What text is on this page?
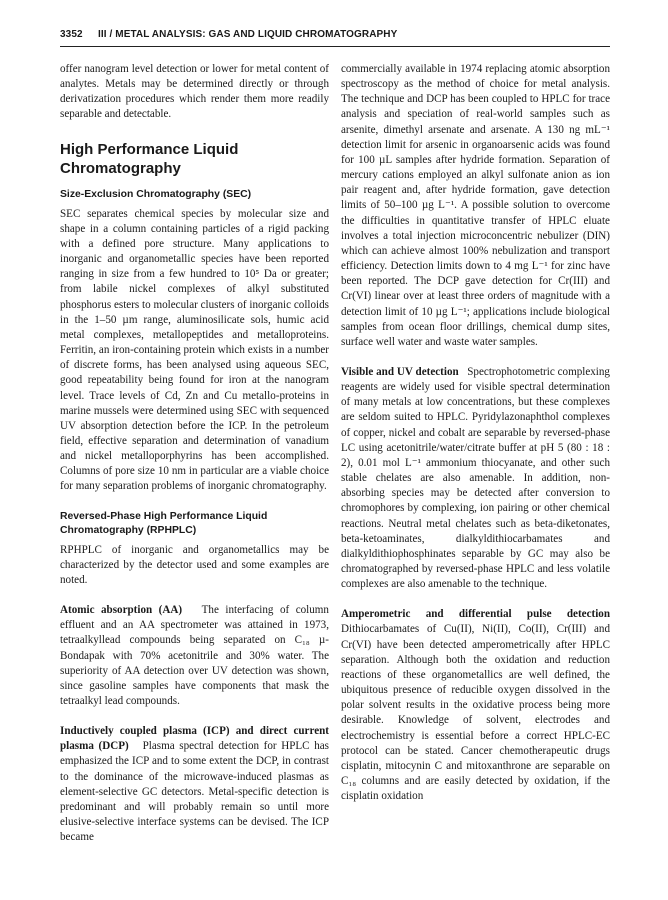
3352 III / METAL ANALYSIS: GAS AND LIQUID CHROMATOGRAPHY

offer nanogram level detection or lower for metal content of analytes. Metals may be determined directly or through derivatization procedures which render them more readily separable and detectable.

High Performance Liquid Chromatography
Size-Exclusion Chromatography (SEC)

SEC separates chemical species by molecular size and shape in a column containing particles of a rigid packing with a defined pore structure. Many applications to inorganic and organometallic species have been reported ranging in size from a few hundred to 10⁵ Da or greater; from labile nickel complexes of alkyl substituted phosphorus esters to molecular clusters of inorganic colloids in the 1–50 µm range, aluminosilicate sols, humic acid metal complexes, metallopeptides and metalloproteins. Ferritin, an iron-containing protein which exists in a number of discrete forms, has been analysed using aqueous SEC, good repeatability being found for iron at the nanogram level. Trace levels of Cd, Zn and Cu metallo-proteins in marine mussels were determined using SEC with sequenced UV absorption detection before the ICP. In the petroleum field, effective separation and determination of vanadium and nickel metalloporphyrins has been accomplished. Columns of pore size 10 nm in particular are a viable choice for many separation problems of inorganic chromatography.

Reversed-Phase High Performance Liquid Chromatography (RPHPLC)

RPHPLC of inorganic and organometallics may be characterized by the detector used and some examples are noted.

Atomic absorption (AA) The interfacing of column effluent and an AA spectrometer was attained in 1973, tetraalkyllead compounds being separated on C₁₈ µ-Bondapak with 70% acetonitrile and 30% water. The superiority of AA detection over UV detection was shown, since gasoline samples have components that mask the tetraalkyl lead compounds.

Inductively coupled plasma (ICP) and direct current plasma (DCP) Plasma spectral detection for HPLC has emphasized the ICP and to some extent the DCP, in contrast to the dominance of the microwave-induced plasmas as element-selective GC detectors. Metal-specific detection is predominant and will probably remain so until more elusive-selective interface systems can be devised. The ICP became

commercially available in 1974 replacing atomic absorption spectroscopy as the method of choice for metal analysis. The technique and DCP has been coupled to HPLC for trace analysis and speciation of real-world samples such as arsenite, dimethyl arsenate and arsenate. A 130 ng mL⁻¹ detection limit for arsenic in organoarsenic acids was found for 100 µL samples after hydride formation. Separation of mercury cations employed an alkyl sulfonate anion as ion pair reagent and, after hydride formation, gave detection limits of 50–100 µg L⁻¹. A possible solution to overcome the difficulties in quantitative transfer of HPLC eluate involves a total injection microconcentric nebulizer (DIN) which can achieve almost 100% nebulization and transport efficiency. Detection limits down to 4 mg L⁻¹ for zinc have been reported. The DCP gave detection for Cr(III) and Cr(VI) linear over at least three orders of magnitude with a detection limit of 10 µg L⁻¹; applications include biological samples from ocean floor drillings, chemical dump sites, surface well water and waste water samples.

Visible and UV detection Spectrophotometric complexing reagents are widely used for visible spectral determination of many metals at low concentrations, but these complexes are seldom suited to HPLC. Pyridylazonaphthol complexes of copper, nickel and cobalt are separable by reversed-phase LC using acetonitrile/water/citrate buffer at pH 5 (80 : 18 : 2), 0.01 mol L⁻¹ ammonium thiocyanate, and other such stable chelates are also amenable. In addition, non-absorbing species may be detected after conversion to chromophores by complexing, ion pairing or other chemical reactions. Neutral metal chelates such as beta-diketonates, beta-ketoaminates, dialkyldithiocarbamates and dialkyldithiophosphinates separable by GC may also be chromatographed by reversed-phase HPLC and less volatile complexes are also amenable to the technique.

Amperometric and differential pulse detection Dithiocarbamates of Cu(II), Ni(II), Co(II), Cr(III) and Cr(VI) have been detected amperometrically after HPLC separation. Although both the oxidation and reduction reactions of these organometallics are well defined, the ubiquitous presence of reducible oxygen dissolved in the polar solvent results in the oxidative process being more desirable. Knowledge of solvent, electrodes and electrochemistry is essential before a correct HPLC-EC protocol can be stated. Cancer chemotherapeutic drugs cisplatin, mitocynin C and mitoxanthrone are separable on C₁₈ columns and are easily detected by oxidation, if the cisplatin oxidation
